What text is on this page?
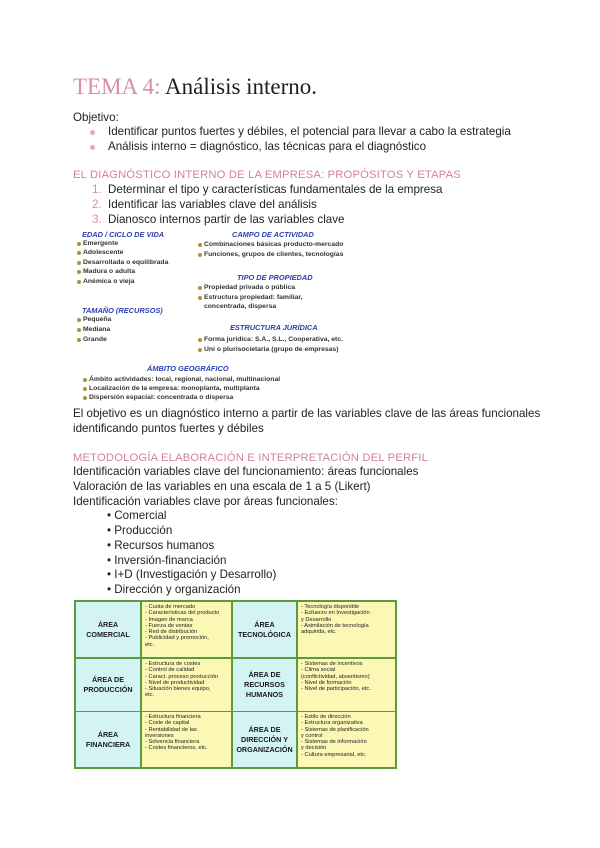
TEMA 4: Análisis interno.
Objetivo:
Identificar puntos fuertes y débiles, el potencial para llevar a cabo la estrategia
Análisis interno = diagnóstico, las técnicas para el diagnóstico
EL DIAGNÓSTICO INTERNO DE LA EMPRESA: PROPÓSITOS Y ETAPAS
1. Determinar el tipo y características fundamentales de la empresa
2. Identificar las variables clave del análisis
3. Dianosco internos partir de las variables clave
EDAD / CICLO DE VIDA
Emergente
Adolescente
Desarrollada o equilibrada
Madura o adulta
Anémica o vieja
TAMAÑO (RECURSOS)
Pequeña
Mediana
Grande
CAMPO DE ACTIVIDAD
Combinaciones básicas producto-mercado
Funciones, grupos de clientes, tecnologías
TIPO DE PROPIEDAD
Propiedad privada o pública
Estructura propiedad: familiar,
concentrada, dispersa
ESTRUCTURA JURÍDICA
Forma jurídica: S.A., S.L., Cooperativa, etc.
Uni o plurisocietaria (grupo de empresas)
ÁMBITO GEOGRÁFICO
Ámbito actividades: local, regional, nacional, multinacional
Localización de la empresa: monoplanta, multiplanta
Dispersión espacial: concentrada o dispersa
El objetivo es un diagnóstico interno a partir de las variables clave de las áreas funcionales
identificando puntos fuertes y débiles
METODOLOGÍA ELABORACIÓN E INTERPRETACIÓN DEL PERFIL
Identificación variables clave del funcionamiento: áreas funcionales
Valoración de las variables en una escala de 1 a 5 (Likert)
Identificación variables clave por áreas funcionales:
• Comercial
• Producción
• Recursos humanos
• Inversión-financiación
• I+D (Investigación y Desarrollo)
• Dirección y organización
ÁREA
COMERCIAL
- Cuota de mercado
- Características del producto
- Imagen de marca
- Fuerza de ventas
- Red de distribución
- Publicidad y promoción,
etc.
ÁREA
TECNOLÓGICA
- Tecnología disponible
- Esfuerzo en Investigación
y Desarrollo
- Asimilación de tecnología
adquirida, etc.
ÁREA DE
PRODUCCIÓN
- Estructura de costes
- Control de calidad
- Caract. proceso producción
- Nivel de productividad
- Situación bienes equipo,
etc.
ÁREA DE
RECURSOS
HUMANOS
- Sistemas de incentivos
- Clima social
(conflictividad, absentismo)
- Nivel de formación
- Nivel de participación, etc.
ÁREA
FINANCIERA
- Estructura financiera
- Coste de capital
- Rentabilidad de las
inversiones
- Solvencia financiera
- Costes financieros, etc.
ÁREA DE
DIRECCIÓN Y
ORGANIZACIÓN
- Estilo de dirección
- Estructura organizativa
- Sistemas de planificación
y control
- Sistemas de información
y decisión
- Cultura empresarial, etc.
